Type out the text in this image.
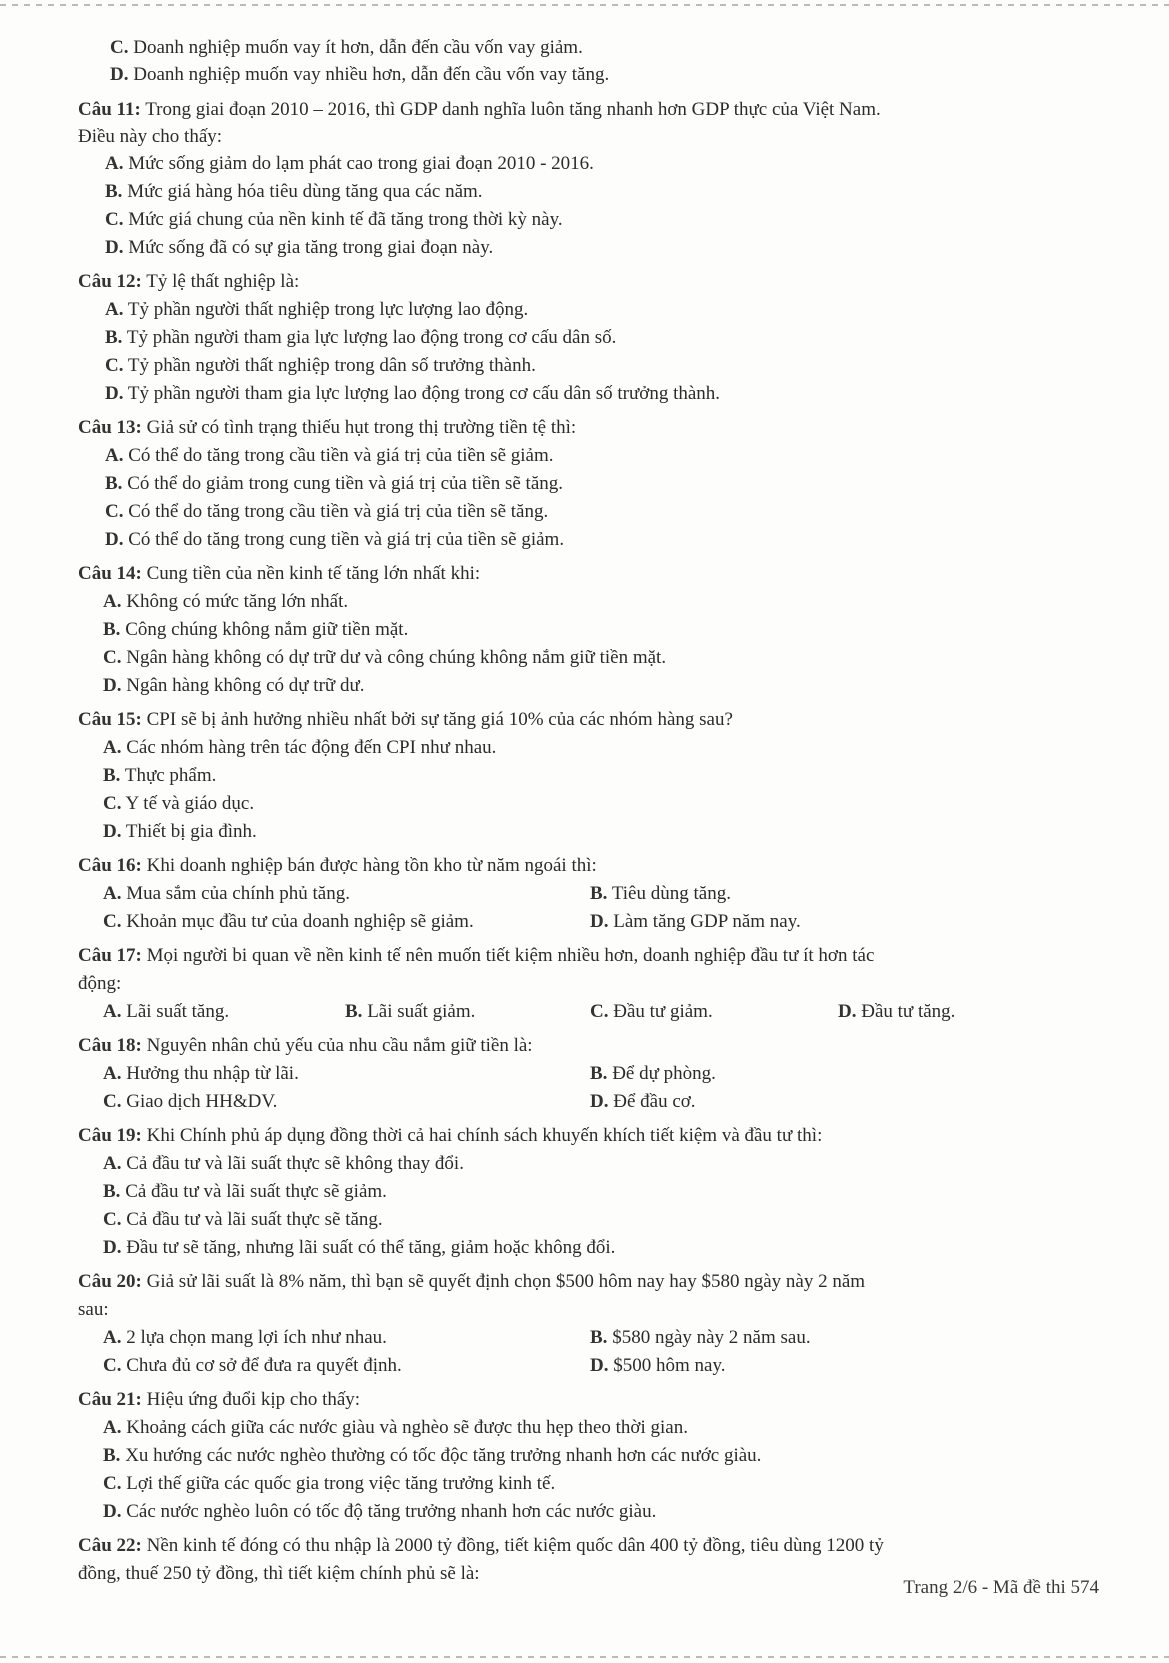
C. Doanh nghiệp muốn vay ít hơn, dẫn đến cầu vốn vay giảm.
D. Doanh nghiệp muốn vay nhiều hơn, dẫn đến cầu vốn vay tăng.
Câu 11: Trong giai đoạn 2010 – 2016, thì GDP danh nghĩa luôn tăng nhanh hơn GDP thực của Việt Nam.
Điều này cho thấy:
A. Mức sống giảm do lạm phát cao trong giai đoạn 2010 - 2016.
B. Mức giá hàng hóa tiêu dùng tăng qua các năm.
C. Mức giá chung của nền kinh tế đã tăng trong thời kỳ này.
D. Mức sống đã có sự gia tăng trong giai đoạn này.
Câu 12: Tỷ lệ thất nghiệp là:
A. Tỷ phần người thất nghiệp trong lực lượng lao động.
B. Tỷ phần người tham gia lực lượng lao động trong cơ cấu dân số.
C. Tỷ phần người thất nghiệp trong dân số trưởng thành.
D. Tỷ phần người tham gia lực lượng lao động trong cơ cấu dân số trưởng thành.
Câu 13: Giả sử có tình trạng thiếu hụt trong thị trường tiền tệ thì:
A. Có thể do tăng trong cầu tiền và giá trị của tiền sẽ giảm.
B. Có thể do giảm trong cung tiền và giá trị của tiền sẽ tăng.
C. Có thể do tăng trong cầu tiền và giá trị của tiền sẽ tăng.
D. Có thể do tăng trong cung tiền và giá trị của tiền sẽ giảm.
Câu 14: Cung tiền của nền kinh tế tăng lớn nhất khi:
A. Không có mức tăng lớn nhất.
B. Công chúng không nắm giữ tiền mặt.
C. Ngân hàng không có dự trữ dư và công chúng không nắm giữ tiền mặt.
D. Ngân hàng không có dự trữ dư.
Câu 15: CPI sẽ bị ảnh hưởng nhiều nhất bởi sự tăng giá 10% của các nhóm hàng sau?
A. Các nhóm hàng trên tác động đến CPI như nhau.
B. Thực phẩm.
C. Y tế và giáo dục.
D. Thiết bị gia đình.
Câu 16: Khi doanh nghiệp bán được hàng tồn kho từ năm ngoái thì:
A. Mua sắm của chính phủ tăng.	B. Tiêu dùng tăng.
C. Khoản mục đầu tư của doanh nghiệp sẽ giảm.	D. Làm tăng GDP năm nay.
Câu 17: Mọi người bi quan về nền kinh tế nên muốn tiết kiệm nhiều hơn, doanh nghiệp đầu tư ít hơn tác
động:
A. Lãi suất tăng.	B. Lãi suất giảm.	C. Đầu tư giảm.	D. Đầu tư tăng.
Câu 18: Nguyên nhân chủ yếu của nhu cầu nắm giữ tiền là:
A. Hưởng thu nhập từ lãi.	B. Để dự phòng.
C. Giao dịch HH&DV.	D. Để đầu cơ.
Câu 19: Khi Chính phủ áp dụng đồng thời cả hai chính sách khuyến khích tiết kiệm và đầu tư thì:
A. Cả đầu tư và lãi suất thực sẽ không thay đổi.
B. Cả đầu tư và lãi suất thực sẽ giảm.
C. Cả đầu tư và lãi suất thực sẽ tăng.
D. Đầu tư sẽ tăng, nhưng lãi suất có thể tăng, giảm hoặc không đổi.
Câu 20: Giả sử lãi suất là 8% năm, thì bạn sẽ quyết định chọn $500 hôm nay hay $580 ngày này 2 năm
sau:
A. 2 lựa chọn mang lợi ích như nhau.	B. $580 ngày này 2 năm sau.
C. Chưa đủ cơ sở để đưa ra quyết định.	D. $500 hôm nay.
Câu 21: Hiệu ứng đuổi kịp cho thấy:
A. Khoảng cách giữa các nước giàu và nghèo sẽ được thu hẹp theo thời gian.
B. Xu hướng các nước nghèo thường có tốc độc tăng trưởng nhanh hơn các nước giàu.
C. Lợi thế giữa các quốc gia trong việc tăng trưởng kinh tế.
D. Các nước nghèo luôn có tốc độ tăng trưởng nhanh hơn các nước giàu.
Câu 22: Nền kinh tế đóng có thu nhập là 2000 tỷ đồng, tiết kiệm quốc dân 400 tỷ đồng, tiêu dùng 1200 tỷ
đồng, thuế 250 tỷ đồng, thì tiết kiệm chính phủ sẽ là:
Trang 2/6 - Mã đề thi 574
